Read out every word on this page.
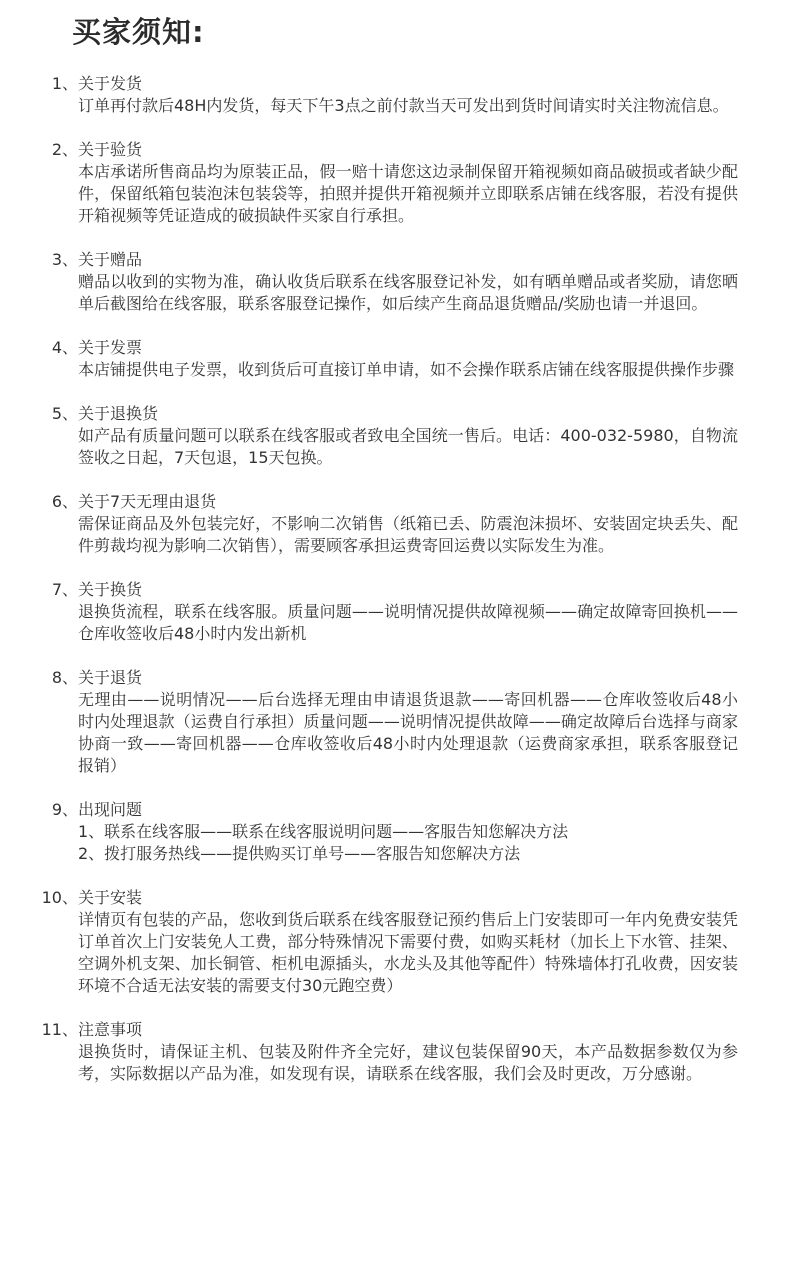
买家须知:
1、 关于发货
订单再付款后48H内发货，每天下午3点之前付款当天可发出到货时间请实时关注物流信息。
2、 关于验货
本店承诺所售商品均为原装正品，假一赔十请您这边录制保留开箱视频如商品破损或者缺少配件，保留纸箱包装泡沫包装袋等，拍照并提供开箱视频并立即联系店铺在线客服，若没有提供开箱视频等凭证造成的破损缺件买家自行承担。
3、 关于赠品
赠品以收到的实物为准，确认收货后联系在线客服登记补发，如有晒单赠品或者奖励，请您晒单后截图给在线客服，联系客服登记操作，如后续产生商品退货赠品/奖励也请一并退回。
4、 关于发票
本店铺提供电子发票，收到货后可直接订单申请，如不会操作联系店铺在线客服提供操作步骤
5、 关于退换货
如产品有质量问题可以联系在线客服或者致电全国统一售后。电话：400-032-5980，自物流签收之日起，7天包退，15天包换。
6、 关于7天无理由退货
需保证商品及外包装完好，不影响二次销售（纸箱已丢、防震泡沫损坏、安装固定块丢失、配件剪裁均视为影响二次销售），需要顾客承担运费寄回运费以实际发生为准。
7、 关于换货
退换货流程，联系在线客服。质量问题——说明情况提供故障视频——确定故障寄回换机——仓库收签收后48小时内发出新机
8、 关于退货
无理由——说明情况——后台选择无理由申请退货退款——寄回机器——仓库收签收后48小时内处理退款（运费自行承担）质量问题——说明情况提供故障——确定故障后台选择与商家协商一致——寄回机器——仓库收签收后48小时内处理退款（运费商家承担，联系客服登记报销）
9、 出现问题
1、联系在线客服——联系在线客服说明问题——客服告知您解决方法
2、拨打服务热线——提供购买订单号——客服告知您解决方法
10、 关于安装
详情页有包装的产品，您收到货后联系在线客服登记预约售后上门安装即可一年内免费安装凭订单首次上门安装免人工费，部分特殊情况下需要付费，如购买耗材（加长上下水管、挂架、空调外机支架、加长铜管、柜机电源插头，水龙头及其他等配件）特殊墙体打孔收费，因安装环境不合适无法安装的需要支付30元跑空费）
11、 注意事项
退换货时，请保证主机、包装及附件齐全完好，建议包装保留90天，本产品数据参数仅为参考，实际数据以产品为准，如发现有误，请联系在线客服，我们会及时更改，万分感谢。
